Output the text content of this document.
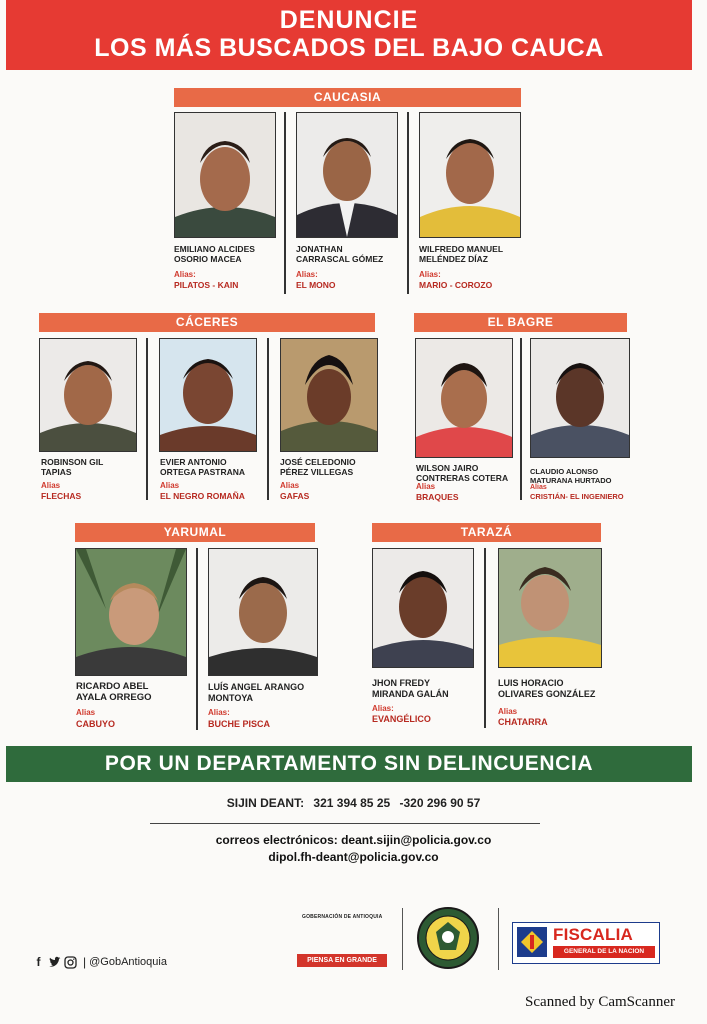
DENUNCIE
LOS MÁS BUSCADOS DEL BAJO CAUCA
CAUCASIA
EMILIANO ALCIDES
OSORIO MACEA
Alias:
PILATOS - KAIN
JONATHAN
CARRASCAL GÓMEZ
Alias:
EL MONO
WILFREDO MANUEL
MELÉNDEZ DÍAZ
Alias:
MARIO - COROZO
CÁCERES
ROBINSON GIL
TAPIAS
Alias
FLECHAS
EVIER ANTONIO
ORTEGA PASTRANA
Alias
EL NEGRO ROMAÑA
JOSÉ CELEDONIO
PÉREZ VILLEGAS
Alias
GAFAS
EL BAGRE
WILSON JAIRO
CONTRERAS COTERA
Alias
BRAQUES
CLAUDIO ALONSO
MATURANA HURTADO
Alias
CRISTIÁN- EL INGENIERO
YARUMAL
RICARDO ABEL
AYALA ORREGO
Alias
CABUYO
LUÍS ANGEL ARANGO
MONTOYA
Alias:
BUCHE PISCA
TARAZÁ
JHON FREDY
MIRANDA GALÁN
Alias:
EVANGÉLICO
LUIS HORACIO
OLIVARES GONZÁLEZ
Alias
CHATARRA
POR UN DEPARTAMENTO SIN DELINCUENCIA
SIJIN DEANT: 321 394 85 25 -320 296 90 57
correos electrónicos: deant.sijin@policia.gov.co
dipol.fh-deant@policia.gov.co
f	| @GobAntioquia
GOBERNACIÓN DE ANTIOQUIA
PIENSA EN GRANDE
FISCALIA
GENERAL DE LA NACION
Scanned by CamScanner
